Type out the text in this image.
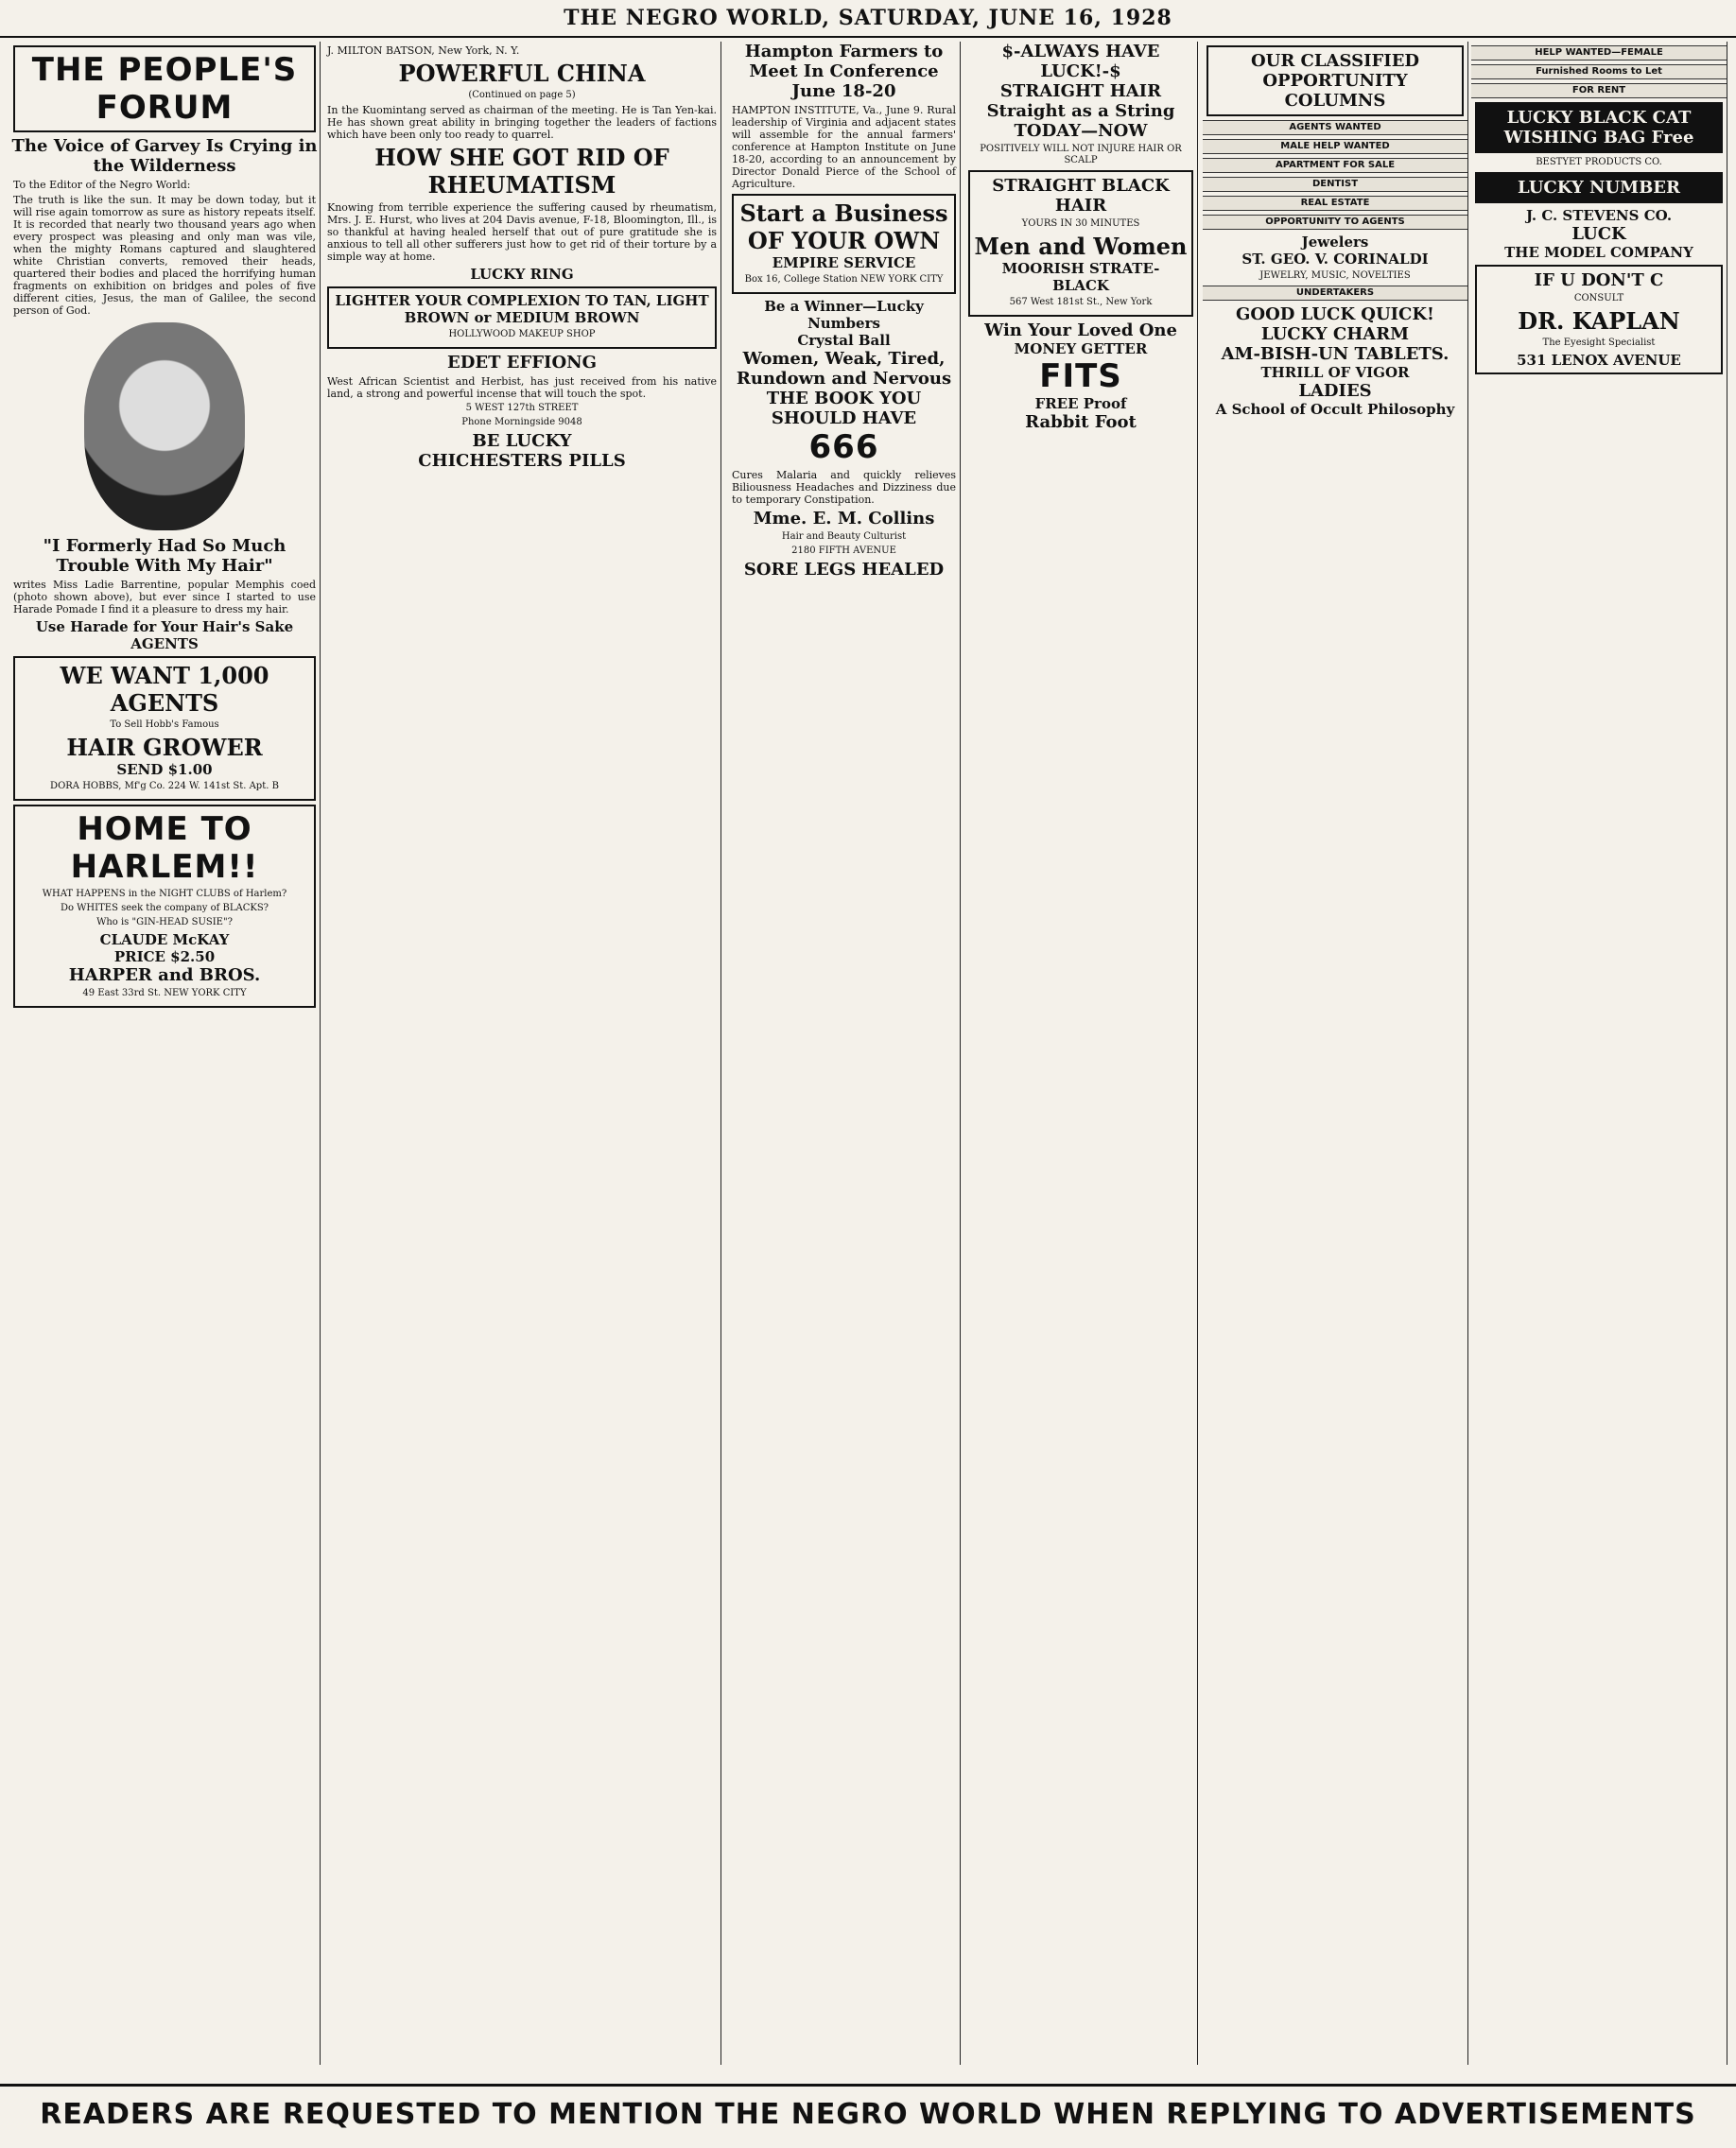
THE NEGRO WORLD, SATURDAY, JUNE 16, 1928
THE PEOPLE'S FORUM
The Voice of Garvey Is Crying in the Wilderness
To the Editor of the Negro World:
The truth is like the sun. It may be down today, but it will rise again tomorrow as sure as history repeats itself. It is recorded that nearly two thousand years ago when every prospect was pleasing and only man was vile, when the mighty Romans captured and slaughtered white Christian converts, removed their heads, quartered their bodies and placed the horrifying human fragments on exhibition on bridges and poles of five different cities, Jesus, the man of Galilee, the second person of God.
"I Formerly Had So Much Trouble With My Hair"
writes Miss Ladie Barrentine, popular Memphis coed (photo shown above), but ever since I started to use Harade Pomade I find it a pleasure to dress my hair.
Use Harade for Your Hair's Sake
AGENTS
WE WANT 1,000 AGENTS
To Sell Hobb's Famous
HAIR GROWER
SEND $1.00
DORA HOBBS, Mf'g Co. 224 W. 141st St. Apt. B
HOME TO HARLEM!!
WHAT HAPPENS in the NIGHT CLUBS of Harlem?
Do WHITES seek the company of BLACKS?
Who is "GIN-HEAD SUSIE"?
CLAUDE McKAY
PRICE $2.50
HARPER and BROS.
49 East 33rd St. NEW YORK CITY
J. MILTON BATSON, New York, N. Y.
POWERFUL CHINA
(Continued on page 5)
In the Kuomintang served as chairman of the meeting. He is Tan Yen-kai. He has shown great ability in bringing together the leaders of factions which have been only too ready to quarrel.
HOW SHE GOT RID OF RHEUMATISM
Knowing from terrible experience the suffering caused by rheumatism, Mrs. J. E. Hurst, who lives at 204 Davis avenue, F-18, Bloomington, Ill., is so thankful at having healed herself that out of pure gratitude she is anxious to tell all other sufferers just how to get rid of their torture by a simple way at home.
LUCKY RING
LIGHTER YOUR COMPLEXION TO TAN, LIGHT BROWN or MEDIUM BROWN
HOLLYWOOD MAKEUP SHOP
EDET EFFIONG
West African Scientist and Herbist, has just received from his native land, a strong and powerful incense that will touch the spot.
5 WEST 127th STREET
Phone Morningside 9048
BE LUCKY
CHICHESTERS PILLS
Hampton Farmers to Meet In Conference June 18-20
HAMPTON INSTITUTE, Va., June 9. Rural leadership of Virginia and adjacent states will assemble for the annual farmers' conference at Hampton Institute on June 18-20, according to an announcement by Director Donald Pierce of the School of Agriculture.
Start a Business OF YOUR OWN
EMPIRE SERVICE
Box 16, College Station NEW YORK CITY
Be a Winner—Lucky Numbers
Crystal Ball
Women, Weak, Tired, Rundown and Nervous
THE BOOK YOU SHOULD HAVE
666
Cures Malaria and quickly relieves Biliousness Headaches and Dizziness due to temporary Constipation.
Mme. E. M. Collins
Hair and Beauty Culturist
2180 FIFTH AVENUE
SORE LEGS HEALED
$-ALWAYS HAVE LUCK!-$
STRAIGHT HAIR Straight as a String TODAY—NOW
POSITIVELY WILL NOT INJURE HAIR OR SCALP
STRAIGHT BLACK HAIR
YOURS IN 30 MINUTES
Men and Women
MOORISH STRATE-BLACK
567 West 181st St., New York
Win Your Loved One
MONEY GETTER
FITS
FREE Proof
Rabbit Foot
OUR CLASSIFIED OPPORTUNITY COLUMNS
AGENTS WANTED
MALE HELP WANTED
APARTMENT FOR SALE
DENTIST
REAL ESTATE
OPPORTUNITY TO AGENTS
Jewelers
ST. GEO. V. CORINALDI
JEWELRY, MUSIC, NOVELTIES
UNDERTAKERS
GOOD LUCK QUICK!
LUCKY CHARM
AM-BISH-UN TABLETS.
THRILL OF VIGOR
LADIES
A School of Occult Philosophy
HELP WANTED—FEMALE
Furnished Rooms to Let
FOR RENT
LUCKY BLACK CAT WISHING BAG Free
BESTYET PRODUCTS CO.
LUCKY NUMBER
J. C. STEVENS CO.
LUCK
THE MODEL COMPANY
IF U DON'T C
CONSULT
DR. KAPLAN
The Eyesight Specialist
531 LENOX AVENUE
READERS ARE REQUESTED TO MENTION THE NEGRO WORLD WHEN REPLYING TO ADVERTISEMENTS
